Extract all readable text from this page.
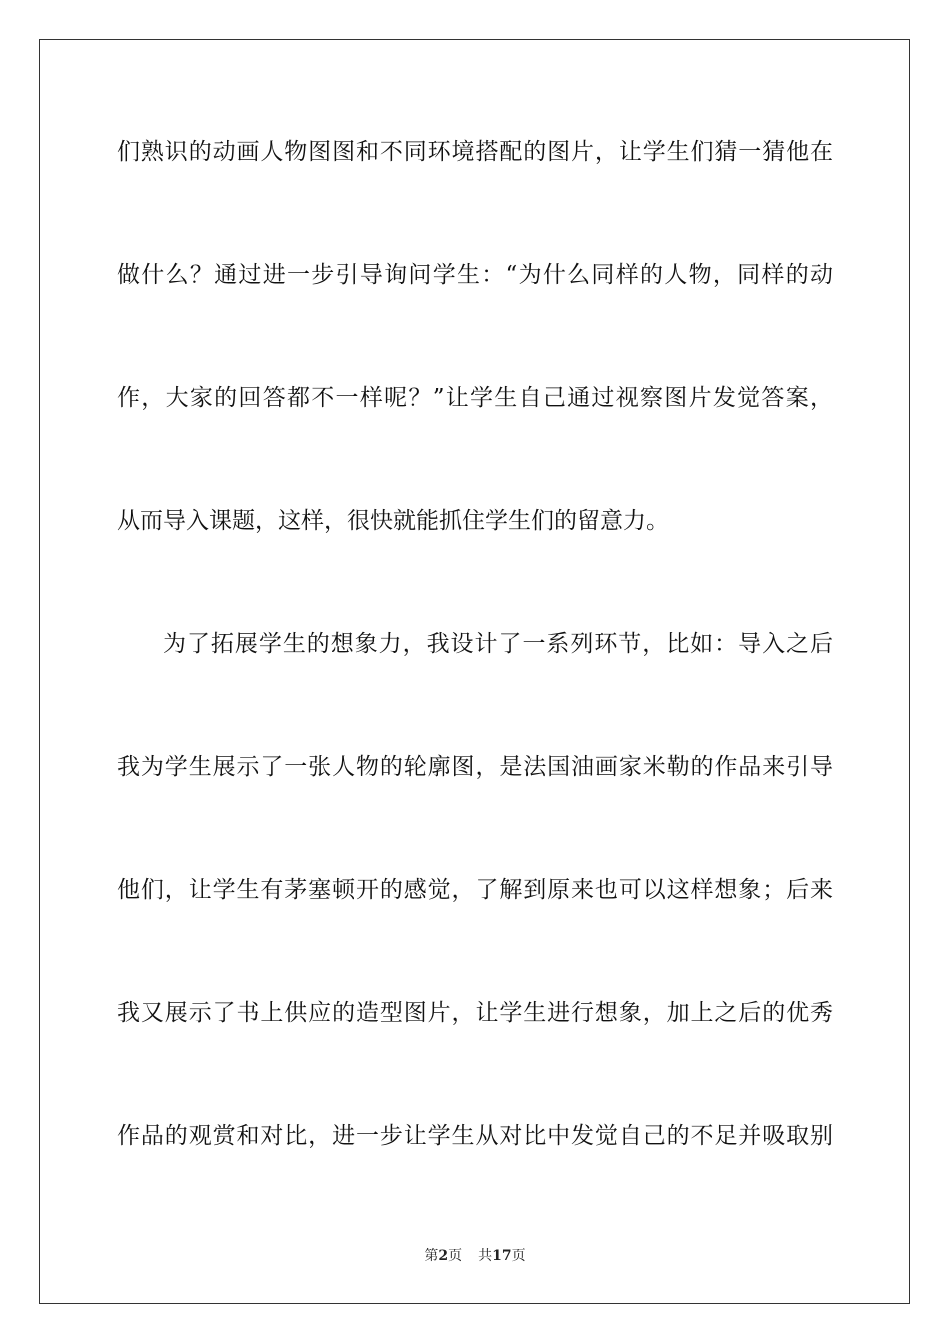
们熟识的动画人物图图和不同环境搭配的图片，让学生们猜一猜他在
做什么？通过进一步引导询问学生：“为什么同样的人物，同样的动
作，大家的回答都不一样呢？”让学生自己通过视察图片发觉答案，
从而导入课题，这样，很快就能抓住学生们的留意力。
为了拓展学生的想象力，我设计了一系列环节，比如：导入之后
我为学生展示了一张人物的轮廓图，是法国油画家米勒的作品来引导
他们，让学生有茅塞顿开的感觉，了解到原来也可以这样想象；后来
我又展示了书上供应的造型图片，让学生进行想象，加上之后的优秀
作品的观赏和对比，进一步让学生从对比中发觉自己的不足并吸取别
第2页 共17页
